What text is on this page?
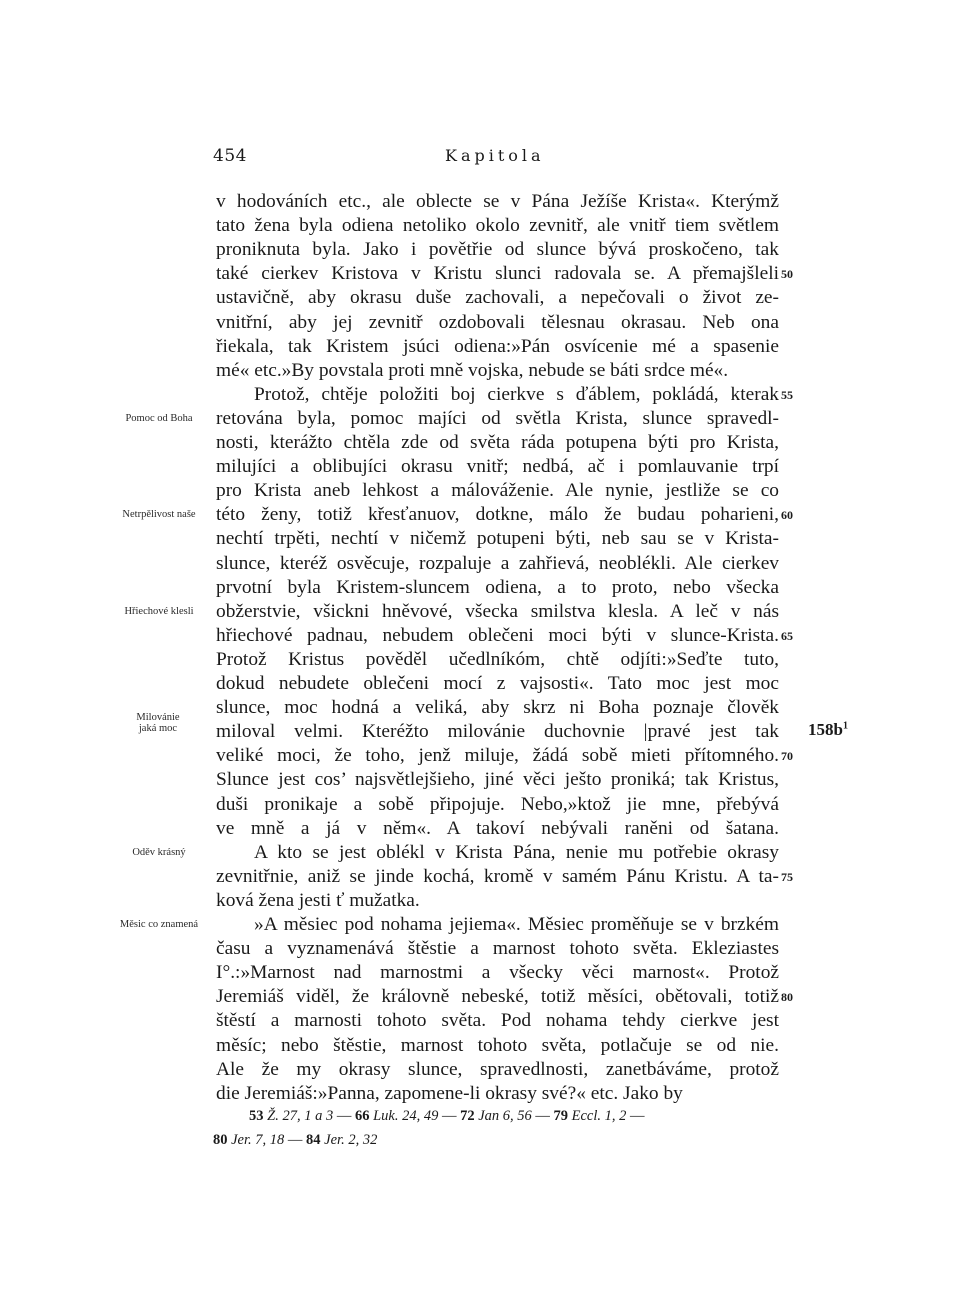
454	Kapitola
v hodováních etc., ale oblecte se v Pána Ježíše Krista«. Kterýmž
tato žena byla odiena netoliko okolo zevnitř, ale vnitř tiem světlem
proniknuta byla. Jako i povětřie od slunce bývá proskočeno, tak
také cierkev Kristova v Kristu slunci radovala se. A přemajšleli
ustavičně, aby okrasu duše zachovali, a nepečovali o život ze-
vnitřní, aby jej zevnitř ozdobovali tělesnau okrasau. Neb ona
řiekala, tak Kristem jsúci odiena:»Pán osvícenie mé a spasenie
mé« etc.»By povstala proti mně vojska, nebude se báti srdce mé«.
Protož, chtěje položiti boj cierkve s ďáblem, pokládá, kterak
retována byla, pomoc majíci od světla Krista, slunce spravedl-
nosti, kterážto chtěla zde od světa ráda potupena býti pro Krista,
milujíci a oblibujíci okrasu vnitř; nedbá, ač i pomlauvanie trpí
pro Krista aneb lehkost a málováženie. Ale nynie, jestliže se co
této ženy, totiž křesťanuov, dotkne, málo že budau poharieni,
nechtí trpěti, nechtí v ničemž potupeni býti, neb sau se v Krista-
slunce, kteréž osvěcuje, rozpaluje a zahřievá, neoblékli. Ale cierkev
prvotní byla Kristem-sluncem odiena, a to proto, nebo všecka
obžerstvie, všickni hněvové, všecka smilstva klesla. A leč v nás
hřiechové padnau, nebudem oblečeni moci býti v slunce-Krista.
Protož Kristus pověděl učedlníkóm, chtě odjíti:»Seďte tuto,
dokud nebudete oblečeni mocí z vajsosti«. Tato moc jest moc
slunce, moc hodná a veliká, aby skrz ni Boha poznaje člověk
miloval velmi. Kteréžto milovánie duchovnie |pravé jest tak
veliké moci, že toho, jenž miluje, žádá sobě mieti přítomného.
Slunce jest cos’ najsvětlejšieho, jiné věci ješto proniká; tak Kristus,
duši pronikaje a sobě připojuje. Nebo,»ktož jie mne, přebývá
ve mně a já v něm«. A takoví nebývali raněni od šatana.
A kto se jest oblékl v Krista Pána, nenie mu potřebie okrasy
zevnitřnie, aniž se jinde kochá, kromě v samém Pánu Kristu. A ta-
ková žena jesti ť mužatka.
»A měsiec pod nohama jejiema«. Měsiec proměňuje se v brzkém
času a vyznamenává štěstie a marnost tohoto světa. Ekleziastes
I°.:»Marnost nad marnostmi a všecky věci marnost«. Protož
Jeremiáš viděl, že královně nebeské, totiž měsíci, obětovali, totiž
štěstí a marnosti tohoto světa. Pod nohama tehdy cierkve jest
měsíc; nebo štěstie, marnost tohoto světa, potlačuje se od nie.
Ale že my okrasy slunce, spravedlnosti, zanetbáváme, protož
die Jeremiáš:»Panna, zapomene-li okrasy své?« etc. Jako by
50
55
60
65
70
75
80
Pomoc od Boha
Netrpělivost naše
Hřiechové klesli
Milovánie jaká moc
Oděv krásný
Měsic co znamená
$158b^1$
53 Ž. 27, 1 a 3 — 66 Luk. 24, 49 — 72 Jan 6, 56 — 79 Eccl. 1, 2 —
80 Jer. 7, 18 — 84 Jer. 2, 32
